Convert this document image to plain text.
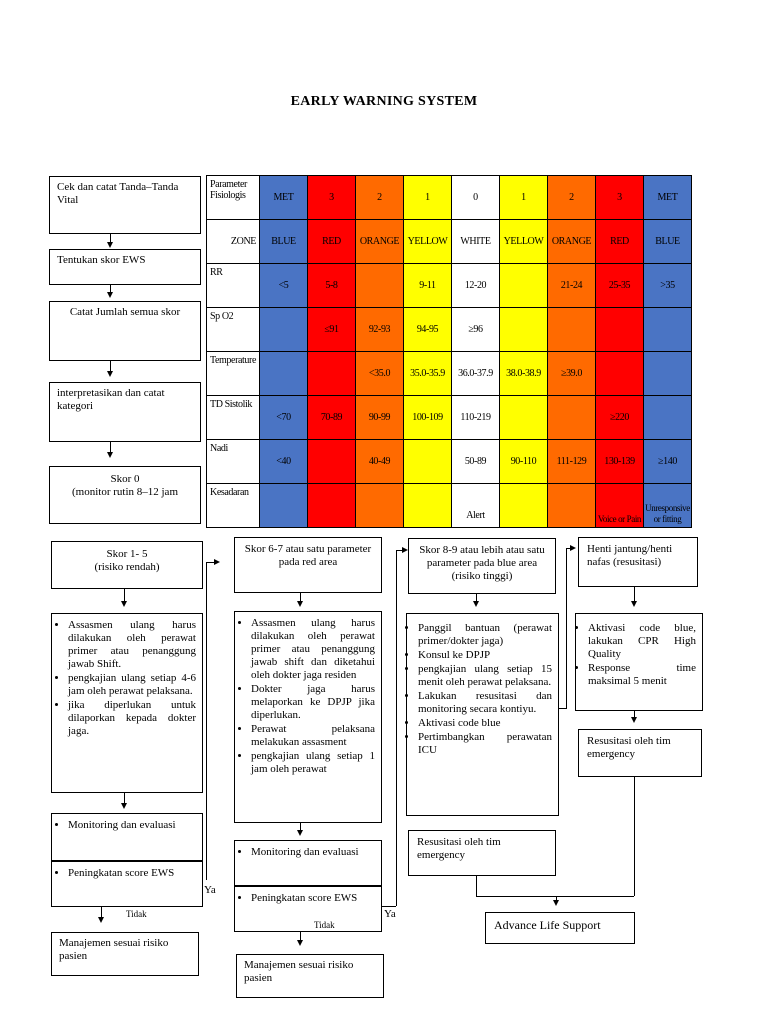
EARLY WARNING SYSTEM
Cek dan catat Tanda–Tanda Vital
Tentukan skor EWS
Catat Jumlah semua skor
interpretasikan dan catat kategori
Skor 0
(monitor rutin 8–12 jam
Parameter Fisiologis	MET	3	2	1	0	1	2	3	MET
ZONE	BLUE	RED	ORANGE	YELLOW	WHITE	YELLOW	ORANGE	RED	BLUE
RR	<5	5-8		9-11	12-20		21-24	25-35	>35
Sp O2		≤91	92-93	94-95	≥96				
Temperature			<35.0	35.0-35.9	36.0-37.9	38.0-38.9	≥39.0		
TD Sistolik	<70	70-89	90-99	100-109	110-219			≥220	
Nadi	<40		40-49		50-89	90-110	111-129	130-139	≥140
Kesadaran					Alert			Voice or Pain	Unresponsive or fitting
Skor 1- 5
(risiko rendah)
• Assasmen ulang harus dilakukan oleh perawat primer atau penanggung jawab Shift.
• pengkajian ulang setiap 4-6 jam oleh perawat pelaksana.
• jika diperlukan untuk dilaporkan kepada dokter jaga.
• Monitoring dan evaluasi
• Peningkatan score EWS
Tidak
Ya
Manajemen sesuai risiko pasien
Skor 6-7 atau satu parameter pada red area
• Assasmen ulang harus dilakukan oleh perawat primer atau penanggung jawab shift dan diketahui oleh dokter jaga residen
• Dokter jaga harus melaporkan ke DPJP jika diperlukan.
• Perawat pelaksana melakukan assasment
• pengkajian ulang setiap 1 jam oleh perawat
• Monitoring dan evaluasi
• Peningkatan score EWS
Tidak
Ya
Manajemen sesuai risiko pasien
Skor 8-9 atau lebih atau satu parameter pada blue area (risiko tinggi)
• Panggil bantuan (perawat primer/dokter jaga)
• Konsul ke DPJP
• pengkajian ulang setiap 15 menit oleh perawat pelaksana.
• Lakukan resusitasi dan monitoring secara kontiyu.
• Aktivasi code blue
• Pertimbangkan perawatan ICU
Resusitasi oleh tim emergency
Henti jantung/henti nafas (resusitasi)
• Aktivasi code blue, lakukan CPR High Quality
• Response time maksimal 5 menit
Resusitasi oleh tim emergency
Advance Life Support
